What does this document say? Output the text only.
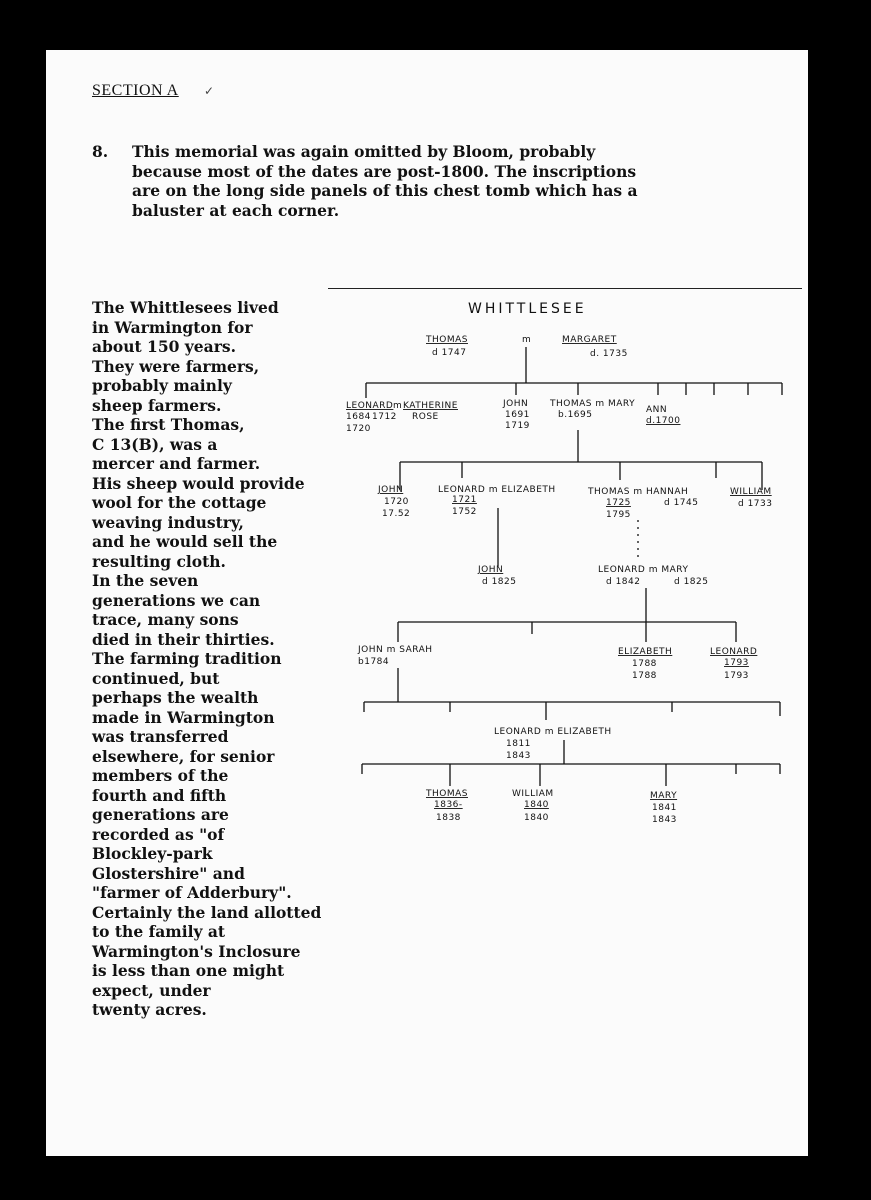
SECTION A ✓
8. This memorial was again omitted by Bloom, probably
because most of the dates are post-1800. The inscriptions
are on the long side panels of this chest tomb which has a
baluster at each corner.
The Whittlesees lived
in Warmington for
about 150 years.
They were farmers,
probably mainly
sheep farmers.
The first Thomas,
C 13(B), was a
mercer and farmer.
His sheep would provide
wool for the cottage
weaving industry,
and he would sell the
resulting cloth.
In the seven
generations we can
trace, many sons
died in their thirties.
The farming tradition
continued, but
perhaps the wealth
made in Warmington
was transferred
elsewhere, for senior
members of the
fourth and fifth
generations are
recorded as "of
Blockley-park
Glostershire" and
"farmer of Adderbury".
Certainly the land allotted
to the family at
Warmington's Inclosure
is less than one might
expect, under
twenty acres.
WHITTLESEE
THOMAS
d 1747
m	MARGARET
d. 1735
LEONARD m KATHERINE
1684 1712 ROSE
1720
JOHN
1691
1719
THOMAS m MARY
b.1695	ANN
d.1700
JOHN
1720
17.52
LEONARD m ELIZABETH
1721
1752
THOMAS m HANNAH
1725
1795
d 1745
WILLIAM
d 1733
JOHN
d 1825
LEONARD m MARY
d 1842	d 1825
JOHN m SARAH
b1784
ELIZABETH
1788
1788
LEONARD
1793
1793
LEONARD m ELIZABETH
1811
1843
THOMAS
1836-
1838
WILLIAM
1840
1840
MARY
1841
1843
